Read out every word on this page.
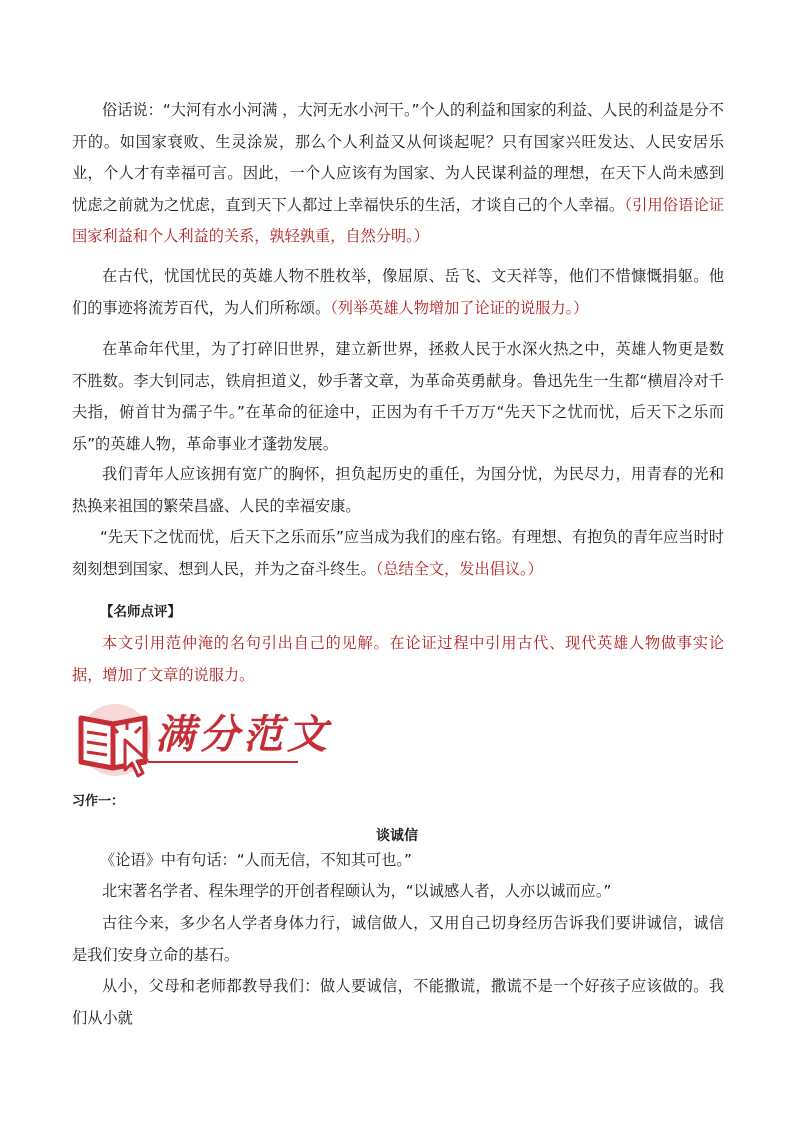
俗话说：“大河有水小河满 ，大河无水小河干。”个人的利益和国家的利益、人民的利益是分不开的。如国家衰败、生灵涂炭，那么个人利益又从何谈起呢？只有国家兴旺发达、人民安居乐业，个人才有幸福可言。因此，一个人应该有为国家、为人民谋利益的理想，在天下人尚未感到忧虑之前就为之忧虑，直到天下人都过上幸福快乐的生活，才谈自己的个人幸福。（引用俗语论证国家利益和个人利益的关系，孰轻孰重，自然分明。）

在古代，忧国忧民的英雄人物不胜枚举，像屈原、岳飞、文天祥等，他们不惜慷慨捐躯。他们的事迹将流芳百代，为人们所称颂。（列举英雄人物增加了论证的说服力。）

在革命年代里，为了打碎旧世界，建立新世界，拯救人民于水深火热之中，英雄人物更是数不胜数。李大钊同志，铁肩担道义，妙手著文章，为革命英勇献身。鲁迅先生一生都“横眉冷对千夫指，俯首甘为孺子牛。”在革命的征途中，正因为有千千万万“先天下之忧而忧，后天下之乐而乐”的英雄人物，革命事业才蓬勃发展。

我们青年人应该拥有宽广的胸怀，担负起历史的重任，为国分忧，为民尽力，用青春的光和热换来祖国的繁荣昌盛、人民的幸福安康。

“先天下之忧而忧，后天下之乐而乐”应当成为我们的座右铭。有理想、有抱负的青年应当时时刻刻想到国家、想到人民，并为之奋斗终生。（总结全文，发出倡议。）

【名师点评】

本文引用范仲淹的名句引出自己的见解。在论证过程中引用古代、现代英雄人物做事实论据，增加了文章的说服力。

满分范文
习作一：
谈诚信

《论语》中有句话：“人而无信，不知其可也。”

北宋著名学者、程朱理学的开创者程颐认为，“以诚感人者，人亦以诚而应。”

古往今来，多少名人学者身体力行，诚信做人，又用自己切身经历告诉我们要讲诚信，诚信是我们安身立命的基石。

从小，父母和老师都教导我们：做人要诚信，不能撒谎，撒谎不是一个好孩子应该做的。我们从小就
